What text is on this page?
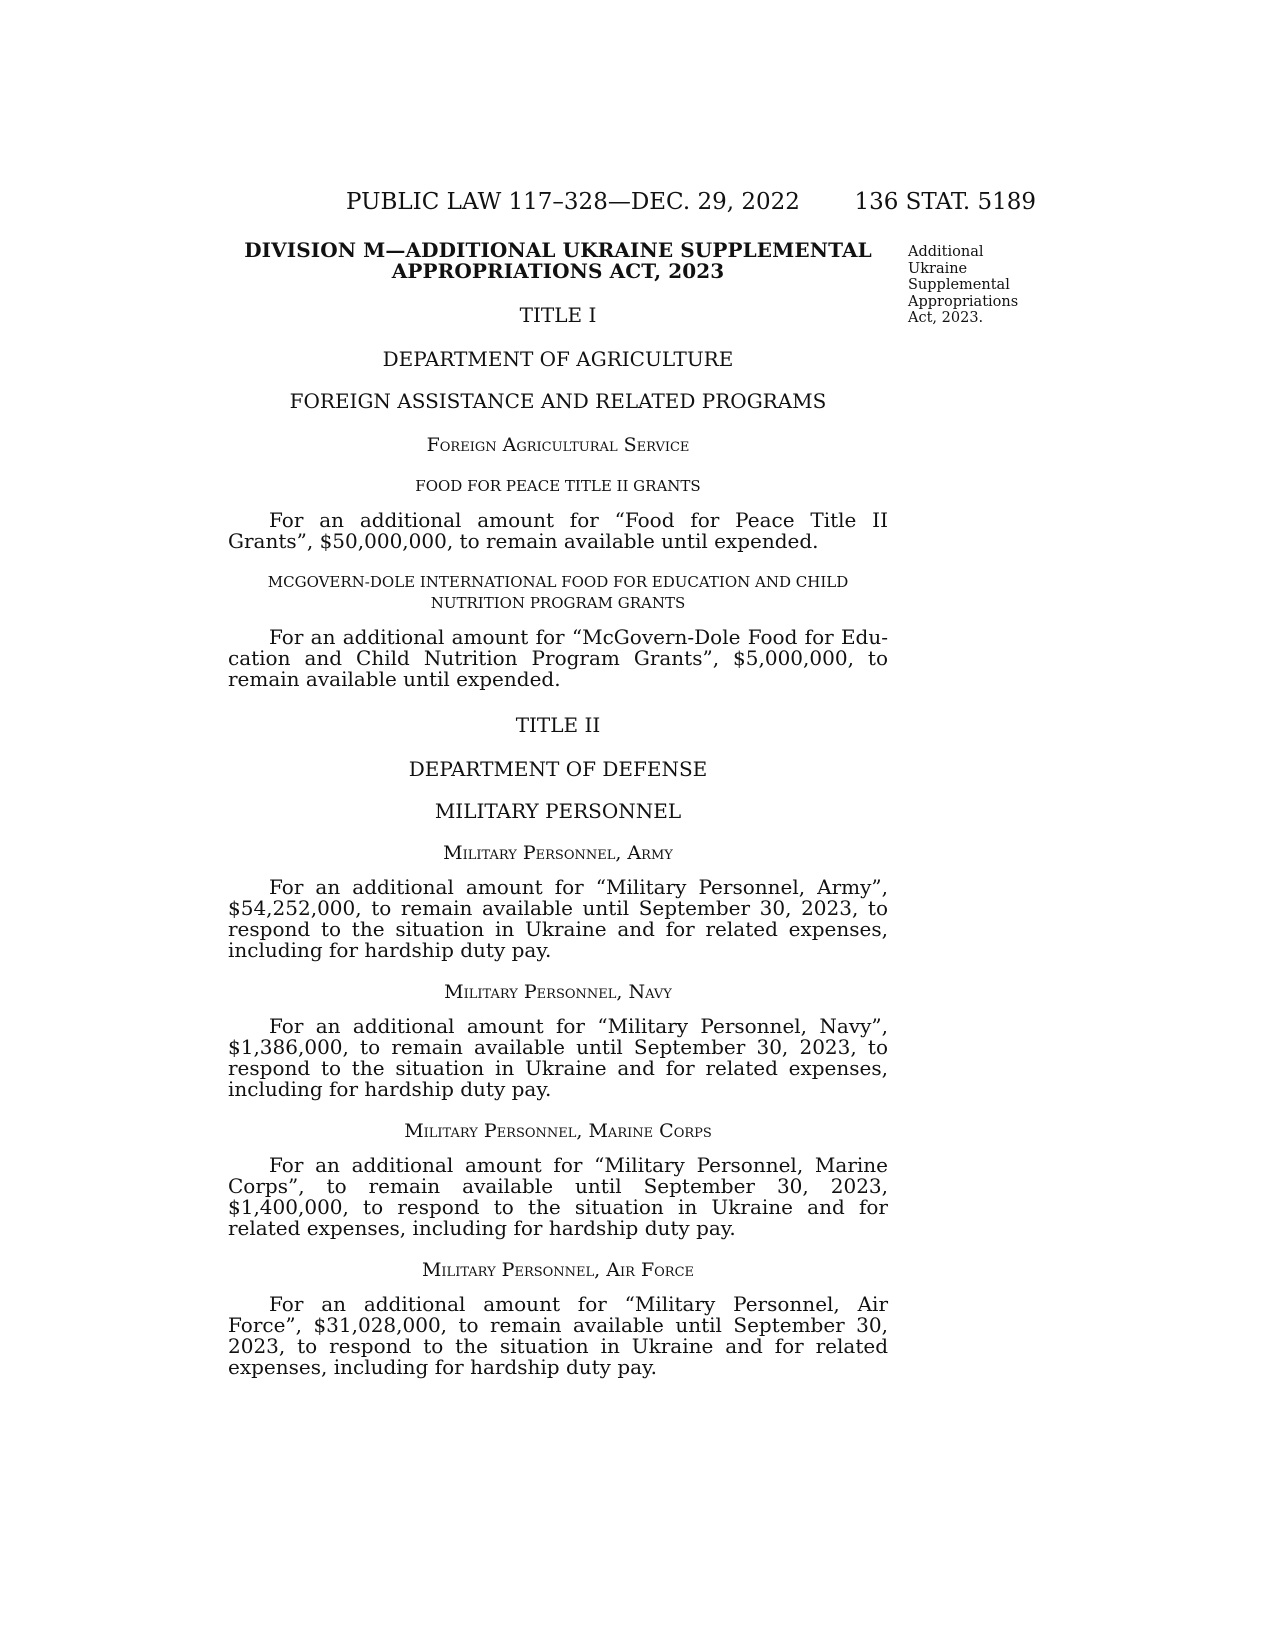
PUBLIC LAW 117–328—DEC. 29, 2022 136 STAT. 5189
Additional
Ukraine
Supplemental
Appropriations
Act, 2023.
DIVISION M—ADDITIONAL UKRAINE SUPPLEMENTAL
APPROPRIATIONS ACT, 2023
TITLE I
DEPARTMENT OF AGRICULTURE
FOREIGN ASSISTANCE AND RELATED PROGRAMS
Foreign Agricultural Service
FOOD FOR PEACE TITLE II GRANTS

For an additional amount for “Food for Peace Title II Grants”, $50,000,000, to remain available until expended.

MCGOVERN-DOLE INTERNATIONAL FOOD FOR EDUCATION AND CHILD
NUTRITION PROGRAM GRANTS

For an additional amount for “McGovern-Dole Food for Edu-cation and Child Nutrition Program Grants”, $5,000,000, to remain available until expended.

TITLE II
DEPARTMENT OF DEFENSE
MILITARY PERSONNEL
Military Personnel, Army

For an additional amount for “Military Personnel, Army”, $54,252,000, to remain available until September 30, 2023, to respond to the situation in Ukraine and for related expenses, including for hardship duty pay.

Military Personnel, Navy

For an additional amount for “Military Personnel, Navy”, $1,386,000, to remain available until September 30, 2023, to respond to the situation in Ukraine and for related expenses, including for hardship duty pay.

Military Personnel, Marine Corps

For an additional amount for “Military Personnel, Marine Corps”, to remain available until September 30, 2023, $1,400,000, to respond to the situation in Ukraine and for related expenses, including for hardship duty pay.

Military Personnel, Air Force

For an additional amount for “Military Personnel, Air Force”, $31,028,000, to remain available until September 30, 2023, to respond to the situation in Ukraine and for related expenses, including for hardship duty pay.
